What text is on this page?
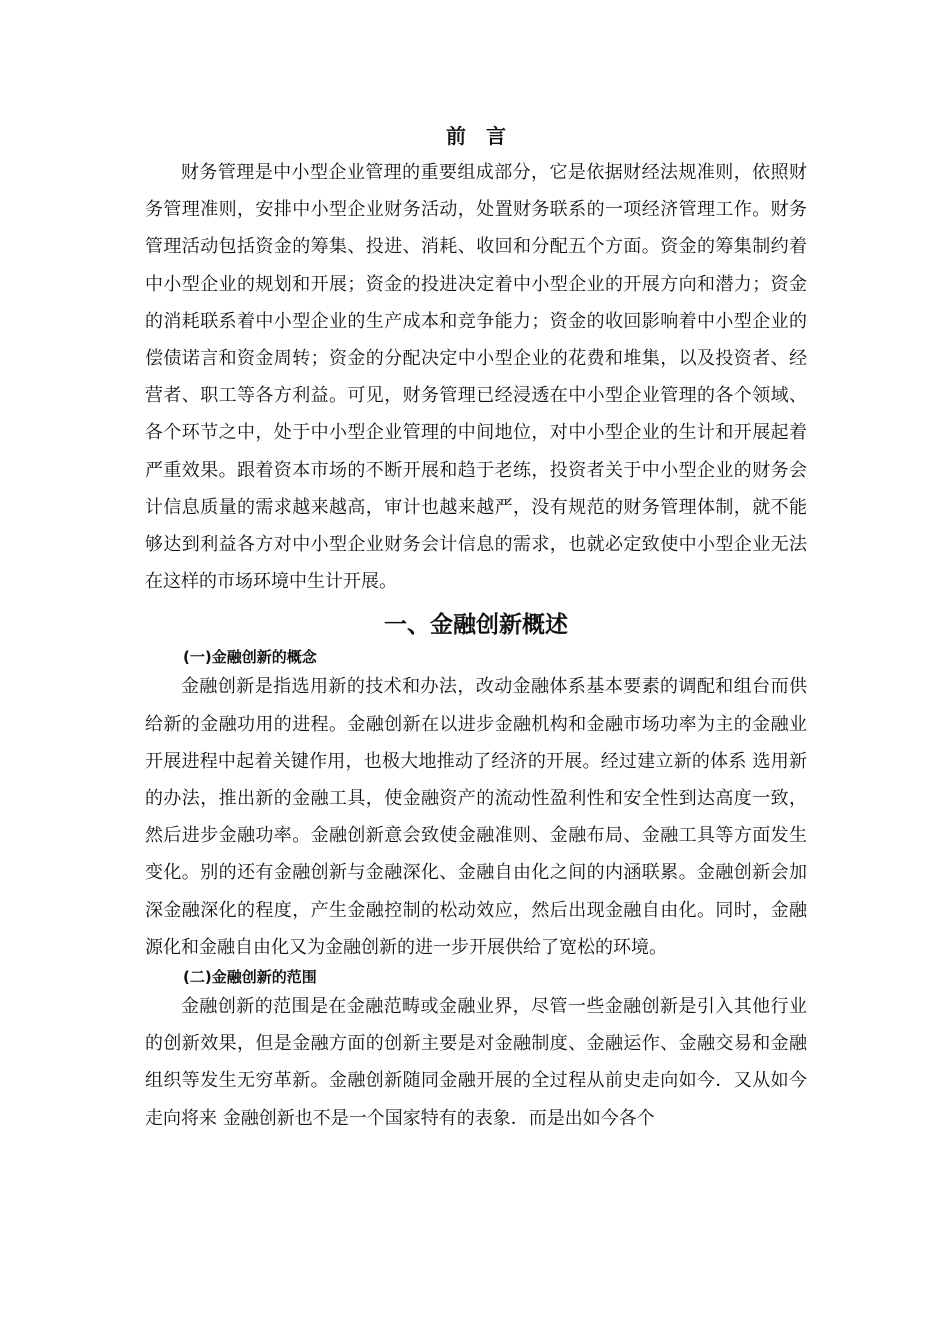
前　言

财务管理是中小型企业管理的重要组成部分，它是依据财经法规准则，依照财务管理准则，安排中小型企业财务活动，处置财务联系的一项经济管理工作。财务管理活动包括资金的筹集、投进、消耗、收回和分配五个方面。资金的筹集制约着中小型企业的规划和开展；资金的投进决定着中小型企业的开展方向和潜力；资金的消耗联系着中小型企业的生产成本和竞争能力；资金的收回影响着中小型企业的偿债诺言和资金周转；资金的分配决定中小型企业的花费和堆集，以及投资者、经营者、职工等各方利益。可见，财务管理已经浸透在中小型企业管理的各个领域、各个环节之中，处于中小型企业管理的中间地位，对中小型企业的生计和开展起着严重效果。跟着资本市场的不断开展和趋于老练，投资者关于中小型企业的财务会计信息质量的需求越来越高，审计也越来越严，没有规范的财务管理体制，就不能够达到利益各方对中小型企业财务会计信息的需求，也就必定致使中小型企业无法在这样的市场环境中生计开展。

一、金融创新概述
(一)金融创新的概念

金融创新是指选用新的技术和办法，改动金融体系基本要素的调配和组台而供给新的金融功用的进程。金融创新在以进步金融机构和金融市场功率为主的金融业开展进程中起着关键作用，也极大地推动了经济的开展。经过建立新的体系 选用新的办法，推出新的金融工具，使金融资产的流动性盈利性和安全性到达高度一致，然后进步金融功率。金融创新意会致使金融准则、金融布局、金融工具等方面发生变化。别的还有金融创新与金融深化、金融自由化之间的内涵联累。金融创新会加深金融深化的程度，产生金融控制的松动效应，然后出现金融自由化。同时，金融源化和金融自由化又为金融创新的进一步开展供给了宽松的环境。

(二)金融创新的范围

金融创新的范围是在金融范畴或金融业界，尽管一些金融创新是引入其他行业的创新效果，但是金融方面的创新主要是对金融制度、金融运作、金融交易和金融组织等发生无穷革新。金融创新随同金融开展的全过程从前史走向如今．又从如今走向将来 金融创新也不是一个国家特有的表象．而是出如今各个
